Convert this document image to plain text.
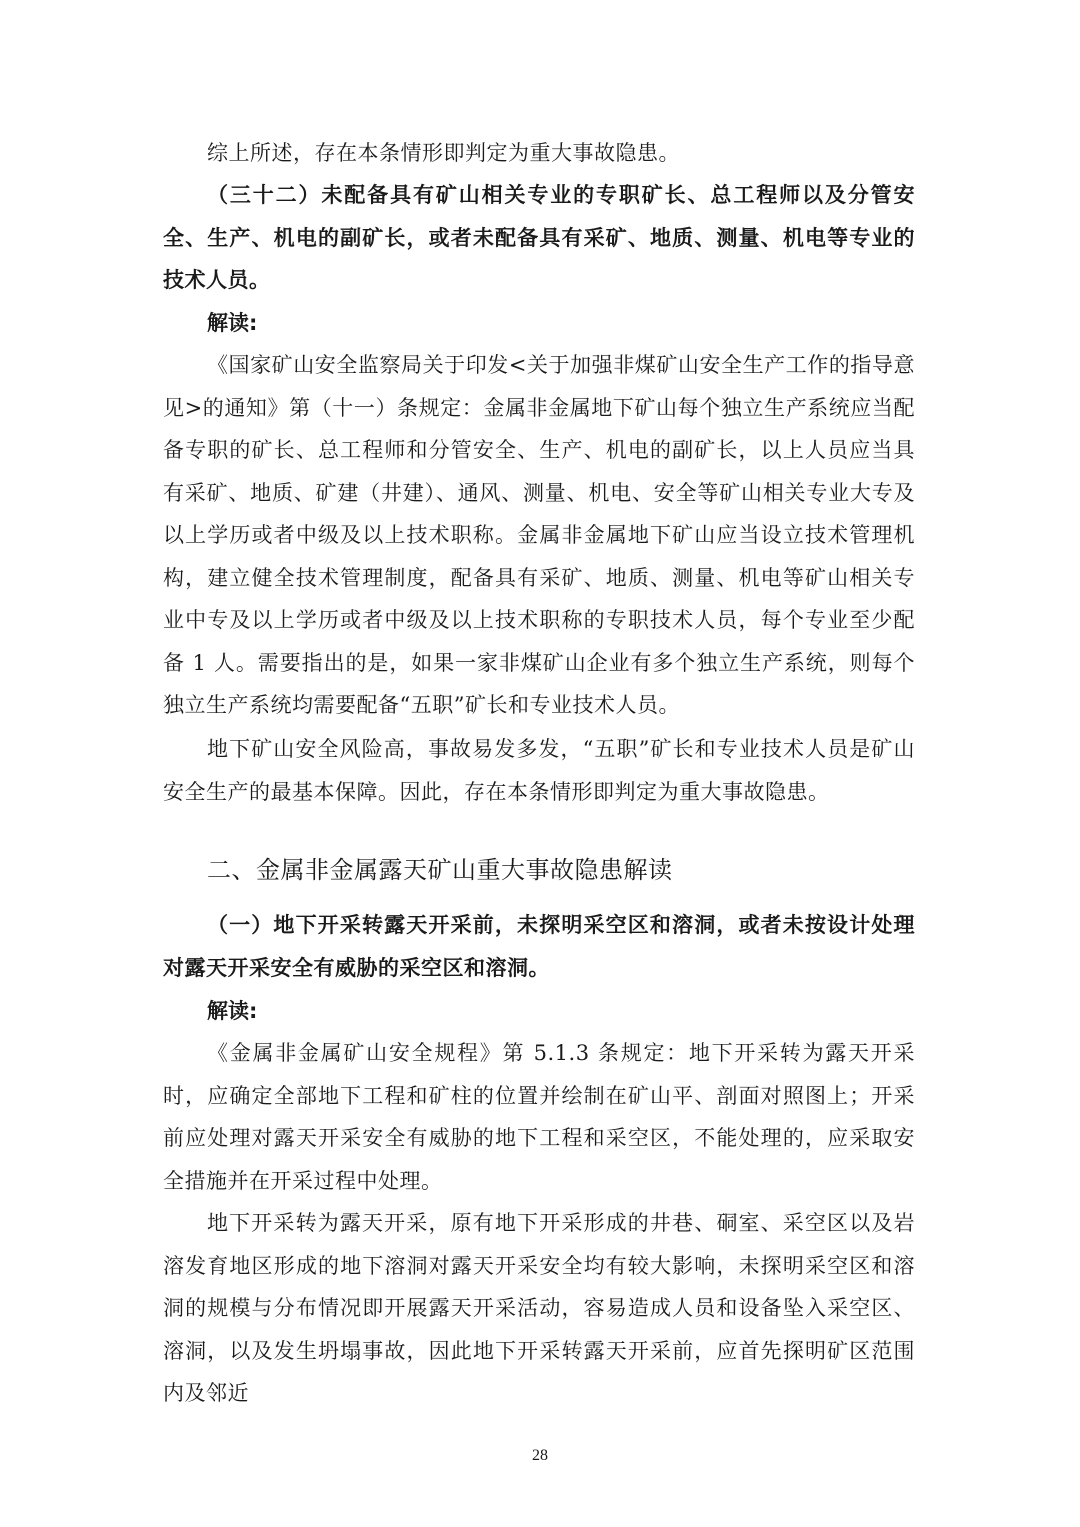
综上所述，存在本条情形即判定为重大事故隐患。

（三十二）未配备具有矿山相关专业的专职矿长、总工程师以及分管安全、生产、机电的副矿长，或者未配备具有采矿、地质、测量、机电等专业的技术人员。

解读:

《国家矿山安全监察局关于印发<关于加强非煤矿山安全生产工作的指导意见>的通知》第（十一）条规定：金属非金属地下矿山每个独立生产系统应当配备专职的矿长、总工程师和分管安全、生产、机电的副矿长，以上人员应当具有采矿、地质、矿建（井建）、通风、测量、机电、安全等矿山相关专业大专及以上学历或者中级及以上技术职称。金属非金属地下矿山应当设立技术管理机构，建立健全技术管理制度，配备具有采矿、地质、测量、机电等矿山相关专业中专及以上学历或者中级及以上技术职称的专职技术人员，每个专业至少配备 1 人。需要指出的是，如果一家非煤矿山企业有多个独立生产系统，则每个独立生产系统均需要配备“五职”矿长和专业技术人员。

地下矿山安全风险高，事故易发多发，“五职”矿长和专业技术人员是矿山安全生产的最基本保障。因此，存在本条情形即判定为重大事故隐患。

二、金属非金属露天矿山重大事故隐患解读

（一）地下开采转露天开采前，未探明采空区和溶洞，或者未按设计处理对露天开采安全有威胁的采空区和溶洞。

解读:

《金属非金属矿山安全规程》第 5.1.3 条规定：地下开采转为露天开采时，应确定全部地下工程和矿柱的位置并绘制在矿山平、剖面对照图上；开采前应处理对露天开采安全有威胁的地下工程和采空区，不能处理的，应采取安全措施并在开采过程中处理。

地下开采转为露天开采，原有地下开采形成的井巷、硐室、采空区以及岩溶发育地区形成的地下溶洞对露天开采安全均有较大影响，未探明采空区和溶洞的规模与分布情况即开展露天开采活动，容易造成人员和设备坠入采空区、溶洞，以及发生坍塌事故，因此地下开采转露天开采前，应首先探明矿区范围内及邻近

28
